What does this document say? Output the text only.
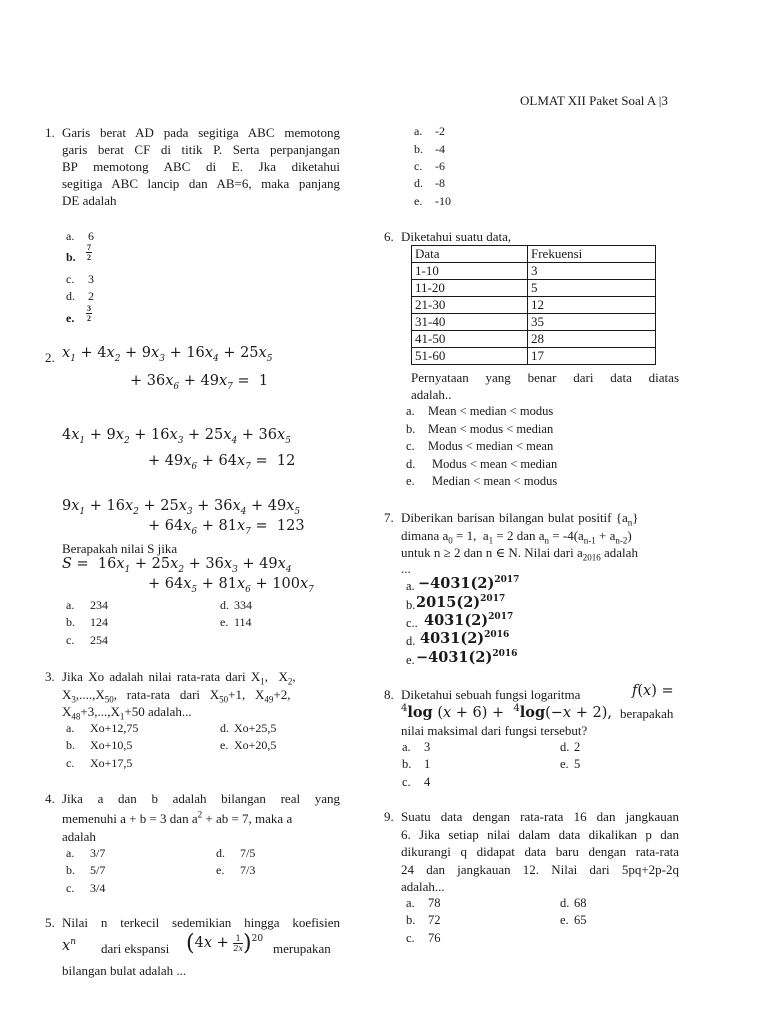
OLMAT XII Paket Soal A |3
1. Garis berat AD pada segitiga ABC memotong
garis berat CF di titik P. Serta perpanjangan
BP memotong ABC di E. Jka diketahui
segitiga ABC lancip dan AB=6, maka panjang
DE adalah
a. 6
b. $\frac{7}{2}$
c. 3
d. 2
e. $\frac{3}{2}$
2. $x_1 + 4x_2 + 9x_3 + 16x_4 + 25x_5$
+ $36x_6 + 49x_7 = 1$
$4x_1 + 9x_2 + 16x_3 + 25x_4 + 36x_5$
+ $49x_6 + 64x_7 = 12$
$9x_1 + 16x_2 + 25x_3 + 36x_4 + 49x_5$
+ $64x_6 + 81x_7 = 123$
Berapakah nilai S jika
$S = 16x_1 + 25x_2 + 36x_3 + 49x_4$
+ $64x_5 + 81x_6 + 100x_7$
a. 234	d. 334
b. 124	e. 114
c. 254
3. Jika Xo adalah nilai rata-rata dari $X_1$,  $X_2$,
$X_3,....,X_{50}$,   rata-rata   dari   $X_{50}+1$,   $X_{49}+2$,
$X_{48}+3,...,X_1+50$ adalah...
a. Xo+12,75	d. Xo+25,5
b. Xo+10,5	e. Xo+20,5
c. Xo+17,5
4. Jika a dan b adalah bilangan real yang
memenuhi a + b = 3 dan $a^2$ + ab = 7, maka a
adalah
a. 3/7	d. 7/5
b. 5/7	e. 7/3
c. 3/4
5. Nilai n terkecil sedemikian hingga koefisien
$x^n$ dari ekspansi $(4x + \frac{1}{2x} )^{20}$
merupakan
bilangan bulat adalah ...
a. -2
b. -4
c. -6
d. -8
e. -10
6. Diketahui suatu data,
Data	Frekuensi
1-10	3
11-20	5
21-30	12
31-40	35
41-50	28
51-60	17
Pernyataan yang benar dari data diatas
adalah..
a. Mean < median < modus
b. Mean < modus < median
c. Modus < median < mean
d. Modus < mean < median
e. Median < mean < modus
7. Diberikan barisan bilangan bulat positif $\{a_n\}$
dimana $a_0 = 1$,  $a_1 = 2$ dan $a_n = -4(a_{n-1} + a_{n-2})$
untuk n ≥ 2 dan n ∈ N. Nilai dari $a_{2016}$ adalah
...
a. $-4031(2)^{2017}$
b. $2015(2)^{2017}$
c.. $4031(2)^{2017}$
d. $4031(2)^{2016}$
e. $-4031(2)^{2016}$
8. Diketahui sebuah fungsi logaritma	f(x) =
$^4$log (x + 6) +  $^4$log(−x + 2), berapakah
nilai maksimal dari fungsi tersebut?
a. 3	d. 2
b. 1	e. 5
c. 4
9. Suatu data dengan rata-rata 16 dan jangkauan
6. Jika setiap nilai dalam data dikalikan p dan
dikurangi q didapat data baru dengan rata-rata
24 dan jangkauan 12. Nilai dari 5pq+2p-2q
adalah...
a. 78	d. 68
b. 72	e. 65
c. 76
